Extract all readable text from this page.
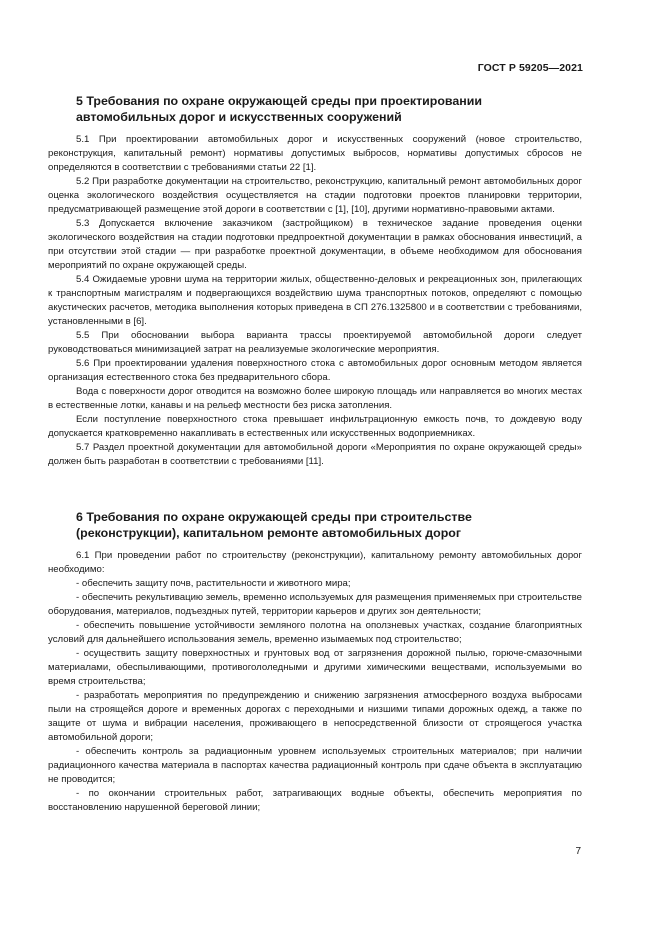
ГОСТ Р 59205—2021

5 Требования по охране окружающей среды при проектировании

автомобильных дорог и искусственных сооружений

5.1 При проектировании автомобильных дорог и искусственных сооружений (новое строительство, реконструкция, капитальный ремонт) нормативы допустимых выбросов, нормативы допустимых сбросов не определяются в соответствии с требованиями статьи 22 [1].

5.2 При разработке документации на строительство, реконструкцию, капитальный ремонт автомобильных дорог оценка экологического воздействия осуществляется на стадии подготовки проектов планировки территории, предусматривающей размещение этой дороги в соответствии с [1], [10], другими нормативно-правовыми актами.

5.3 Допускается включение заказчиком (застройщиком) в техническое задание проведения оценки экологического воздействия на стадии подготовки предпроектной документации в рамках обоснования инвестиций, а при отсутствии этой стадии — при разработке проектной документации, в объеме необходимом для обоснования мероприятий по охране окружающей среды.

5.4 Ожидаемые уровни шума на территории жилых, общественно-деловых и рекреационных зон, прилегающих к транспортным магистралям и подвергающихся воздействию шума транспортных потоков, определяют с помощью акустических расчетов, методика выполнения которых приведена в СП 276.1325800 и в соответствии с требованиями, установленными в [6].

5.5 При обосновании выбора варианта трассы проектируемой автомобильной дороги следует руководствоваться минимизацией затрат на реализуемые экологические мероприятия.

5.6 При проектировании удаления поверхностного стока с автомобильных дорог основным методом является организация естественного стока без предварительного сбора.

Вода с поверхности дорог отводится на возможно более широкую площадь или направляется во многих местах в естественные лотки, канавы и на рельеф местности без риска затопления.

Если поступление поверхностного стока превышает инфильтрационную емкость почв, то дождевую воду допускается кратковременно накапливать в естественных или искусственных водоприемниках.

5.7 Раздел проектной документации для автомобильной дороги «Мероприятия по охране окружающей среды» должен быть разработан в соответствии с требованиями [11].

6 Требования по охране окружающей среды при строительстве

(реконструкции), капитальном ремонте автомобильных дорог

6.1 При проведении работ по строительству (реконструкции), капитальному ремонту автомобильных дорог необходимо:

- обеспечить защиту почв, растительности и животного мира;

- обеспечить рекультивацию земель, временно используемых для размещения применяемых при строительстве оборудования, материалов, подъездных путей, территории карьеров и других зон деятельности;

- обеспечить повышение устойчивости земляного полотна на оползневых участках, создание благоприятных условий для дальнейшего использования земель, временно изымаемых под строительство;

- осуществить защиту поверхностных и грунтовых вод от загрязнения дорожной пылью, горюче-смазочными материалами, обеспыливающими, противогололедными и другими химическими веществами, используемыми во время строительства;

- разработать мероприятия по предупреждению и снижению загрязнения атмосферного воздуха выбросами пыли на строящейся дороге и временных дорогах с переходными и низшими типами дорожных одежд, а также по защите от шума и вибрации населения, проживающего в непосредственной близости от строящегося участка автомобильной дороги;

- обеспечить контроль за радиационным уровнем используемых строительных материалов; при наличии радиационного качества материала в паспортах качества радиационный контроль при сдаче объекта в эксплуатацию не проводится;

- по окончании строительных работ, затрагивающих водные объекты, обеспечить мероприятия по восстановлению нарушенной береговой линии;

7
